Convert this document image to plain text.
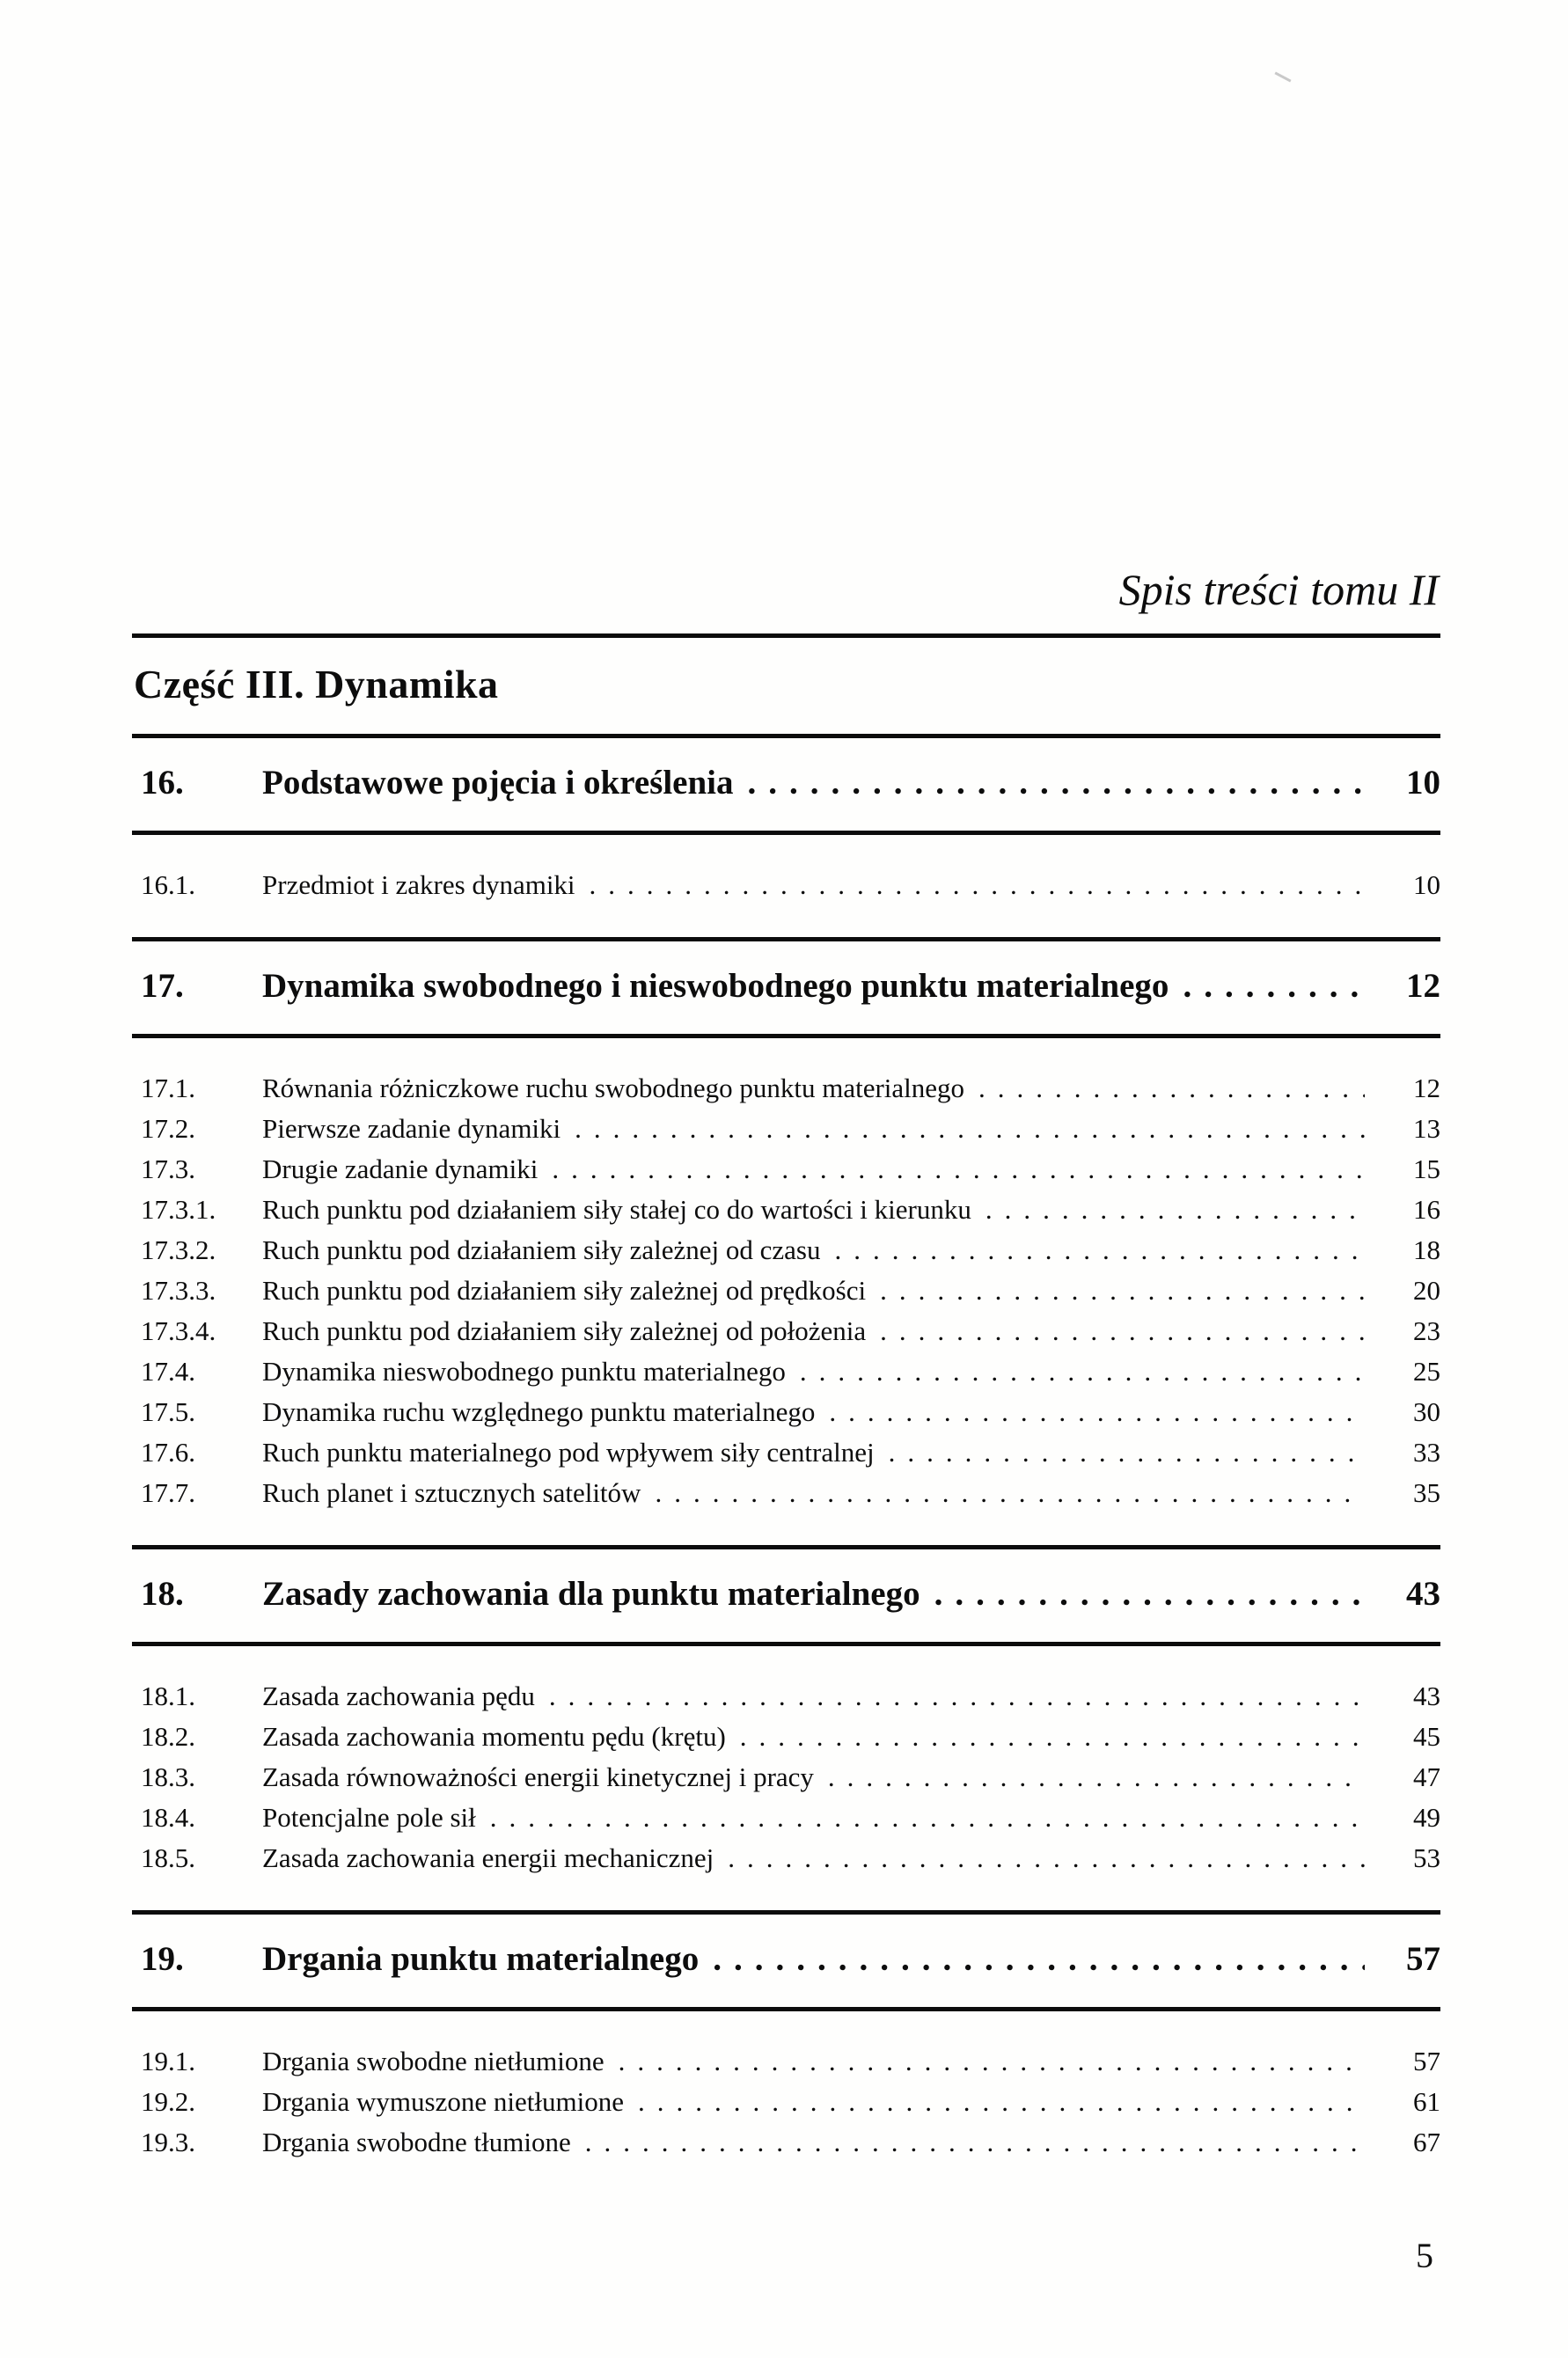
Spis treści tomu II
Część III. Dynamika
16.	Podstawowe pojęcia i określenia .....	10
16.1.	Przedmiot i zakres dynamiki .....	10
17.	Dynamika swobodnego i nieswobodnego punktu materialnego .....	12
17.1.	Równania różniczkowe ruchu swobodnego punktu materialnego .....	12
17.2.	Pierwsze zadanie dynamiki .....	13
17.3.	Drugie zadanie dynamiki .....	15
17.3.1.	Ruch punktu pod działaniem siły stałej co do wartości i kierunku .....	16
17.3.2.	Ruch punktu pod działaniem siły zależnej od czasu .....	18
17.3.3.	Ruch punktu pod działaniem siły zależnej od prędkości .....	20
17.3.4.	Ruch punktu pod działaniem siły zależnej od położenia .....	23
17.4.	Dynamika nieswobodnego punktu materialnego .....	25
17.5.	Dynamika ruchu względnego punktu materialnego .....	30
17.6.	Ruch punktu materialnego pod wpływem siły centralnej .....	33
17.7.	Ruch planet i sztucznych satelitów .....	35
18.	Zasady zachowania dla punktu materialnego .....	43
18.1.	Zasada zachowania pędu .....	43
18.2.	Zasada zachowania momentu pędu (krętu) .....	45
18.3.	Zasada równoważności energii kinetycznej i pracy .....	47
18.4.	Potencjalne pole sił .....	49
18.5.	Zasada zachowania energii mechanicznej .....	53
19.	Drgania punktu materialnego .....	57
19.1.	Drgania swobodne nietłumione .....	57
19.2.	Drgania wymuszone nietłumione .....	61
19.3.	Drgania swobodne tłumione .....	67
5
